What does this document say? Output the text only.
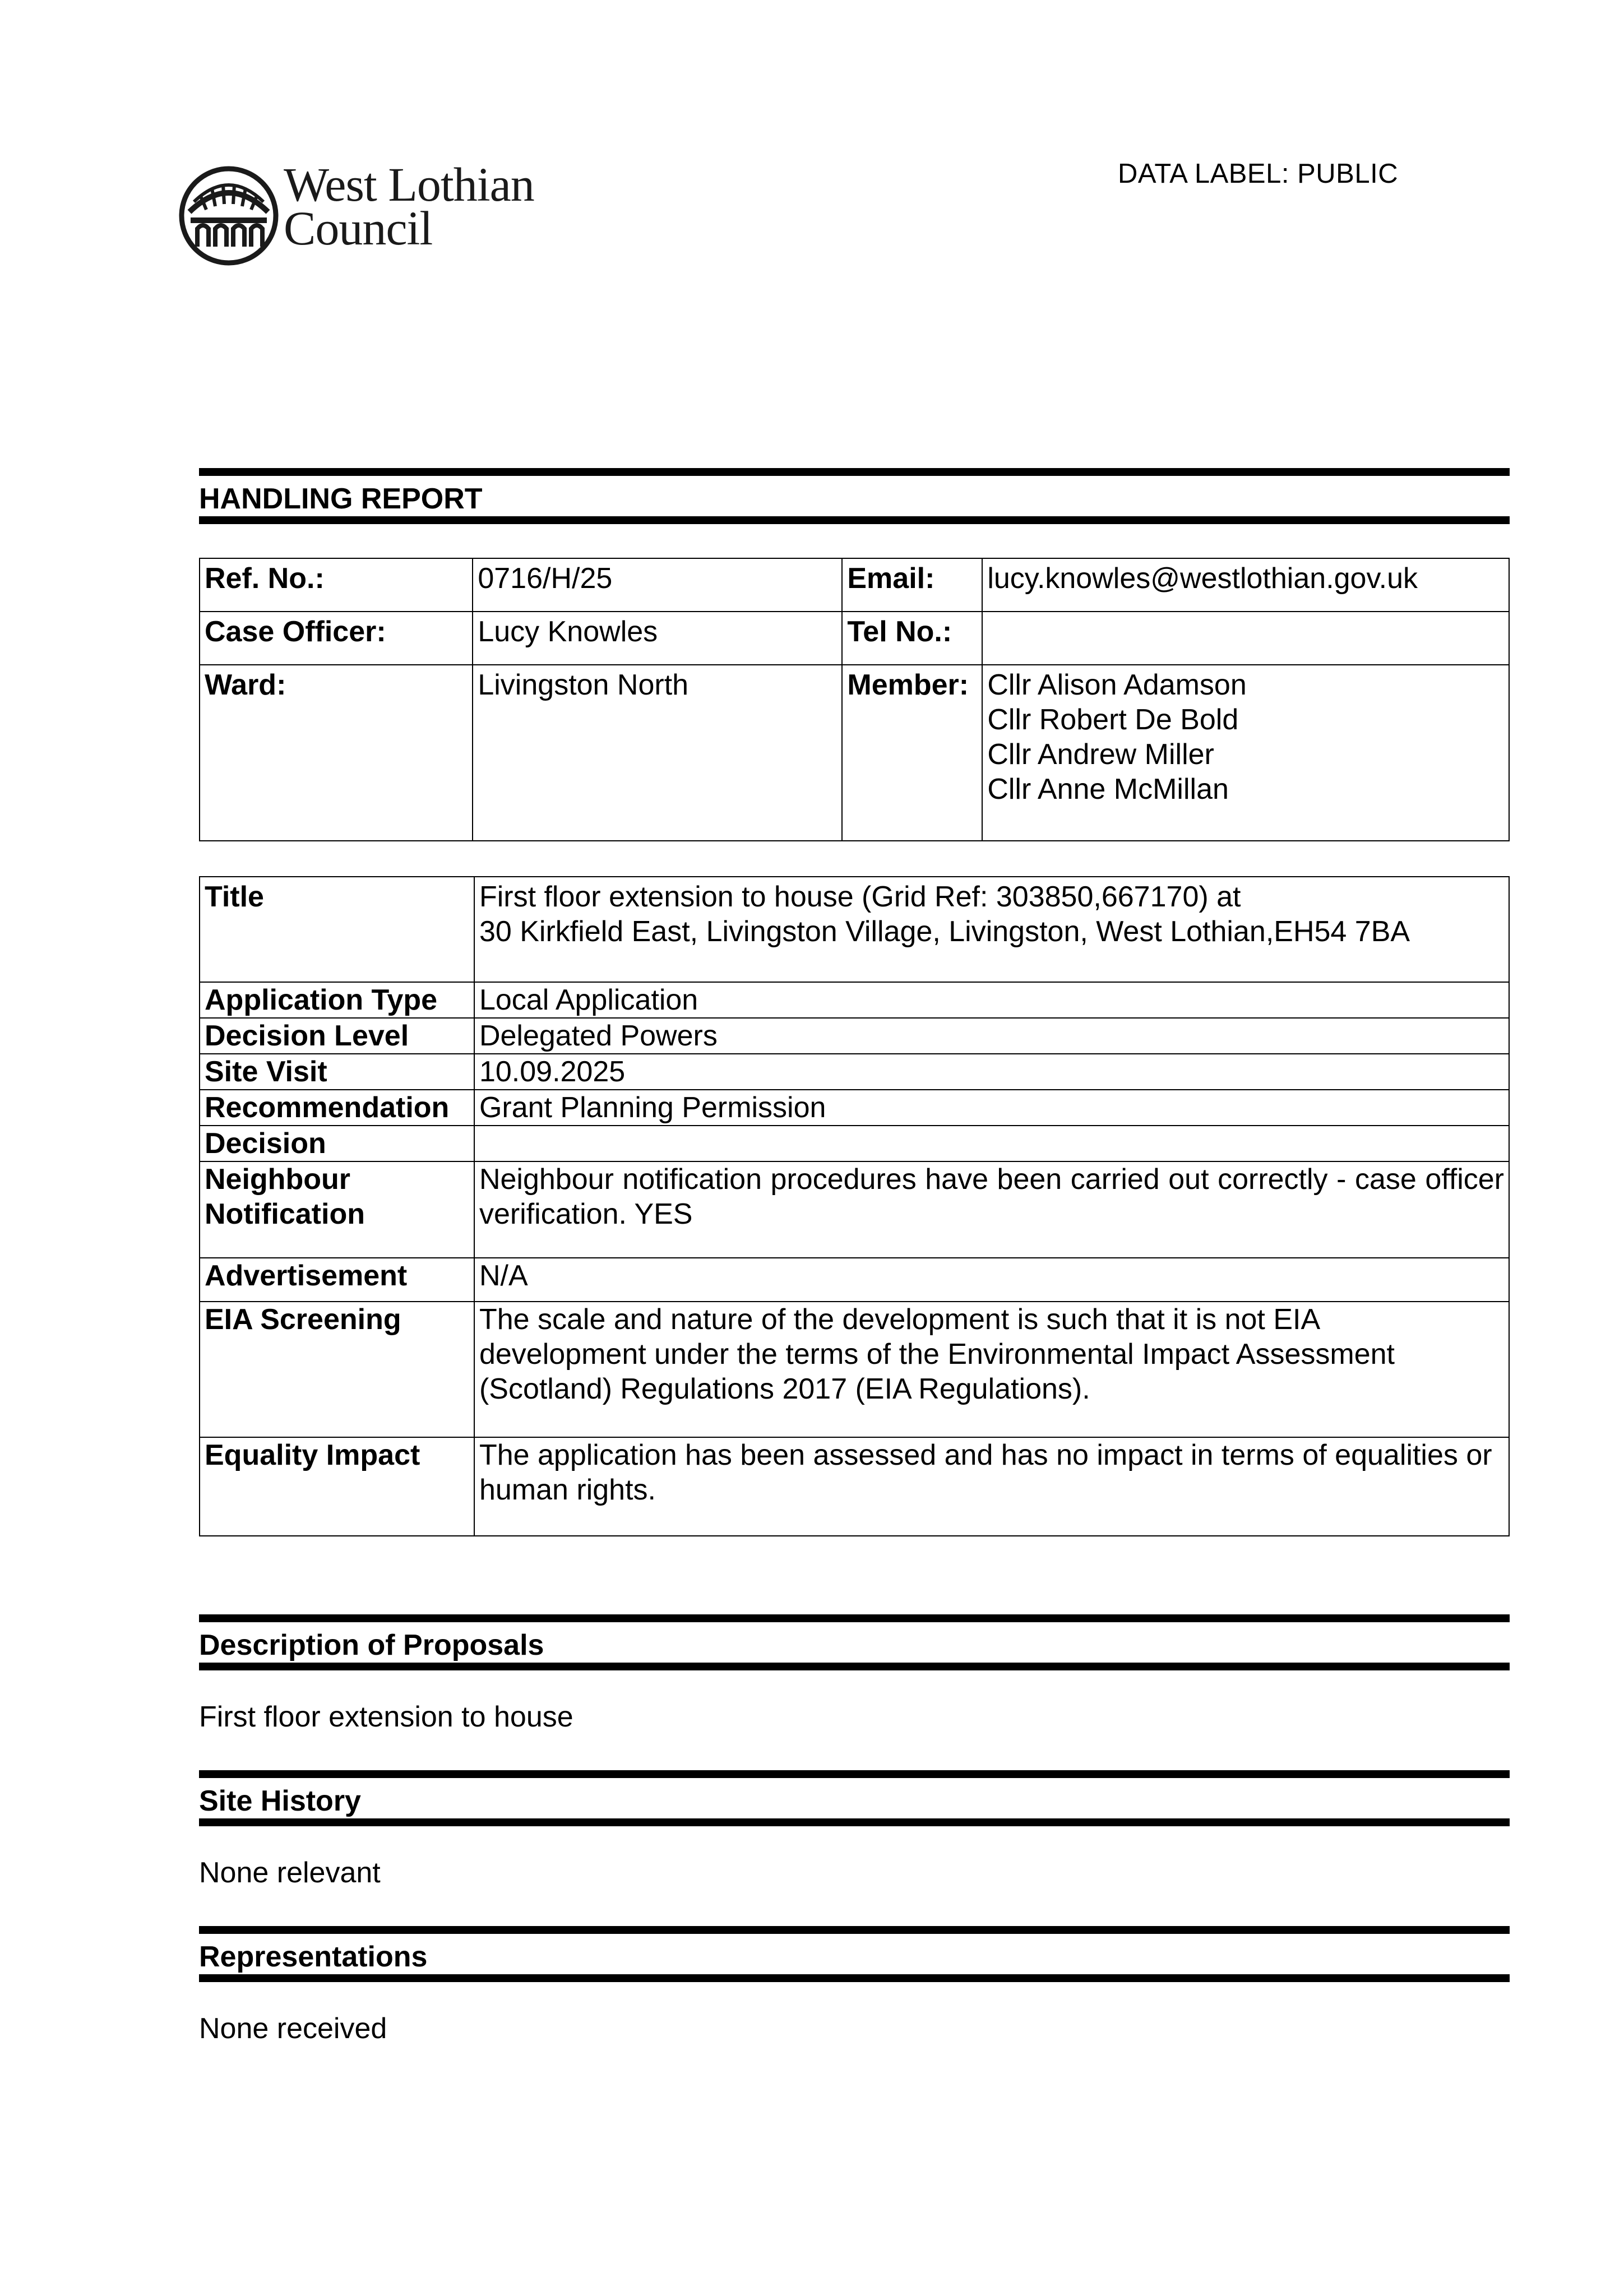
West Lothian
Council
DATA LABEL: PUBLIC
HANDLING REPORT
Ref. No.:	0716/H/25	Email:	lucy.knowles@westlothian.gov.uk
Case Officer:	Lucy Knowles	Tel No.:	
Ward:	Livingston North	Member:	Cllr Alison Adamson
Cllr Robert De Bold
Cllr Andrew Miller
Cllr Anne McMillan
Title	First floor extension to house (Grid Ref: 303850,667170) at
30 Kirkfield East, Livingston Village, Livingston, West Lothian,EH54 7BA

Application Type	Local Application
Decision Level	Delegated Powers
Site Visit	10.09.2025
Recommendation	Grant Planning Permission
Decision	

Neighbour
Notification	Neighbour notification procedures have been carried out correctly - case officer verification. YES
Advertisement	N/A
EIA Screening	The scale and nature of the development is such that it is not EIA development under the terms of the Environmental Impact Assessment (Scotland) Regulations 2017 (EIA Regulations).
Equality Impact	The application has been assessed and has no impact in terms of equalities or human rights.
Description of Proposals
First floor extension to house
Site History
None relevant
Representations
None received
